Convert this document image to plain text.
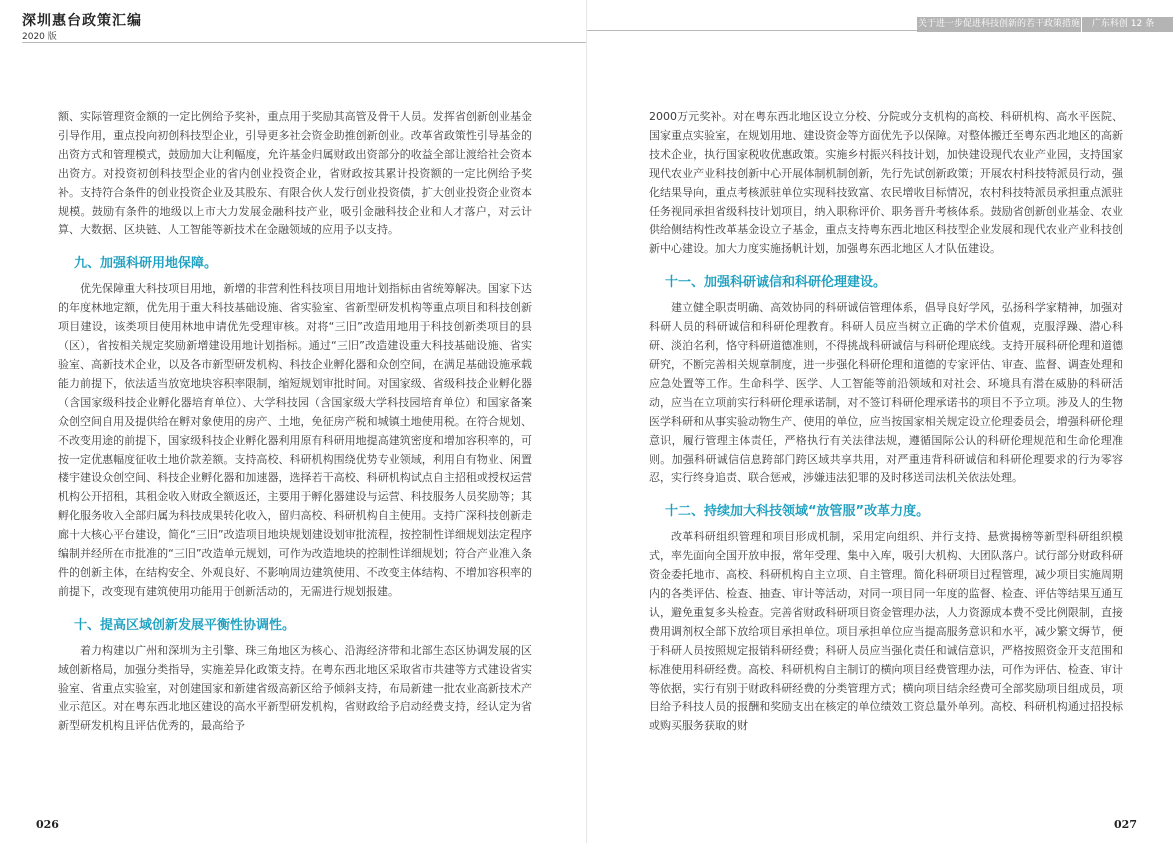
深圳惠台政策汇编
2020 版

额、实际管理资金额的一定比例给予奖补，重点用于奖励其高管及骨干人员。发挥省创新创业基金引导作用，重点投向初创科技型企业，引导更多社会资金助推创新创业。改革省政策性引导基金的出资方式和管理模式，鼓励加大让利幅度，允许基金归属财政出资部分的收益全部让渡给社会资本出资方。对投资初创科技型企业的省内创业投资企业，省财政按其累计投资额的一定比例给予奖补。支持符合条件的创业投资企业及其股东、有限合伙人发行创业投资债，扩大创业投资企业资本规模。鼓励有条件的地级以上市大力发展金融科技产业，吸引金融科技企业和人才落户，对云计算、大数据、区块链、人工智能等新技术在金融领域的应用予以支持。

九、加强科研用地保障。

优先保障重大科技项目用地，新增的非营利性科技项目用地计划指标由省统筹解决。国家下达的年度林地定额，优先用于重大科技基础设施、省实验室、省新型研发机构等重点项目和科技创新项目建设，该类项目使用林地申请优先受理审核。对将“三旧”改造用地用于科技创新类项目的县（区），省按相关规定奖励新增建设用地计划指标。通过“三旧”改造建设重大科技基础设施、省实验室、高新技术企业，以及各市新型研发机构、科技企业孵化器和众创空间，在满足基础设施承载能力前提下，依法适当放宽地块容积率限制，缩短规划审批时间。对国家级、省级科技企业孵化器（含国家级科技企业孵化器培育单位）、大学科技园（含国家级大学科技园培育单位）和国家备案众创空间自用及提供给在孵对象使用的房产、土地，免征房产税和城镇土地使用税。在符合规划、不改变用途的前提下，国家级科技企业孵化器利用原有科研用地提高建筑密度和增加容积率的，可按一定优惠幅度征收土地价款差额。支持高校、科研机构围绕优势专业领域，利用自有物业、闲置楼宇建设众创空间、科技企业孵化器和加速器，选择若干高校、科研机构试点自主招租或授权运营机构公开招租，其租金收入财政全额返还，主要用于孵化器建设与运营、科技服务人员奖励等；其孵化服务收入全部归属为科技成果转化收入，留归高校、科研机构自主使用。支持广深科技创新走廊十大核心平台建设，简化“三旧”改造项目地块规划建设划审批流程，按控制性详细规划法定程序编制并经所在市批准的“三旧”改造单元规划，可作为改造地块的控制性详细规划；符合产业准入条件的创新主体，在结构安全、外观良好、不影响周边建筑使用、不改变主体结构、不增加容积率的前提下，改变现有建筑使用功能用于创新活动的，无需进行规划报建。

十、提高区域创新发展平衡性协调性。

着力构建以广州和深圳为主引擎、珠三角地区为核心、沿海经济带和北部生态区协调发展的区域创新格局，加强分类指导，实施差异化政策支持。在粤东西北地区采取省市共建等方式建设省实验室、省重点实验室，对创建国家和新建省级高新区给予倾斜支持，布局新建一批农业高新技术产业示范区。对在粤东西北地区建设的高水平新型研发机构，省财政给予启动经费支持，经认定为省新型研发机构且评估优秀的，最高给予

026
关于进一步促进科技创新的若干政策措施	广东科创 12 条

2000万元奖补。对在粤东西北地区设立分校、分院或分支机构的高校、科研机构、高水平医院、国家重点实验室，在规划用地、建设资金等方面优先予以保障。对整体搬迁至粤东西北地区的高新技术企业，执行国家税收优惠政策。实施乡村振兴科技计划，加快建设现代农业产业园，支持国家现代农业产业科技创新中心开展体制机制创新，先行先试创新政策；开展农村科技特派员行动，强化结果导向，重点考核派驻单位实现科技致富、农民增收目标情况，农村科技特派员承担重点派驻任务视同承担省级科技计划项目，纳入职称评价、职务晋升考核体系。鼓励省创新创业基金、农业供给侧结构性改革基金设立子基金，重点支持粤东西北地区科技型企业发展和现代农业产业科技创新中心建设。加大力度实施扬帆计划，加强粤东西北地区人才队伍建设。

十一、加强科研诚信和科研伦理建设。

建立健全职责明确、高效协同的科研诚信管理体系，倡导良好学风，弘扬科学家精神，加强对科研人员的科研诚信和科研伦理教育。科研人员应当树立正确的学术价值观，克服浮躁、潜心科研、淡泊名利，恪守科研道德准则，不得挑战科研诚信与科研伦理底线。支持开展科研伦理和道德研究，不断完善相关规章制度，进一步强化科研伦理和道德的专家评估、审查、监督、调查处理和应急处置等工作。生命科学、医学、人工智能等前沿领域和对社会、环境具有潜在威胁的科研活动，应当在立项前实行科研伦理承诺制，对不签订科研伦理承诺书的项目不予立项。涉及人的生物医学科研和从事实验动物生产、使用的单位，应当按国家相关规定设立伦理委员会，增强科研伦理意识，履行管理主体责任，严格执行有关法律法规，遵循国际公认的科研伦理规范和生命伦理准则。加强科研诚信信息跨部门跨区域共享共用，对严重违背科研诚信和科研伦理要求的行为零容忍，实行终身追责、联合惩戒，涉嫌违法犯罪的及时移送司法机关依法处理。

十二、持续加大科技领域“放管服”改革力度。

改革科研组织管理和项目形成机制，采用定向组织、并行支持、悬赏揭榜等新型科研组织模式，率先面向全国开放申报，常年受理、集中入库，吸引大机构、大团队落户。试行部分财政科研资金委托地市、高校、科研机构自主立项、自主管理。简化科研项目过程管理，减少项目实施周期内的各类评估、检查、抽查、审计等活动，对同一项目同一年度的监督、检查、评估等结果互通互认，避免重复多头检查。完善省财政科研项目资金管理办法，人力资源成本费不受比例限制，直接费用调剂权全部下放给项目承担单位。项目承担单位应当提高服务意识和水平，减少繁文缛节，便于科研人员按照规定报销科研经费；科研人员应当强化责任和诚信意识，严格按照资金开支范围和标准使用科研经费。高校、科研机构自主制订的横向项目经费管理办法，可作为评估、检查、审计等依据，实行有别于财政科研经费的分类管理方式；横向项目结余经费可全部奖励项目组成员，项目给予科技人员的报酬和奖励支出在核定的单位绩效工资总量外单列。高校、科研机构通过招投标或购买服务获取的财

027
